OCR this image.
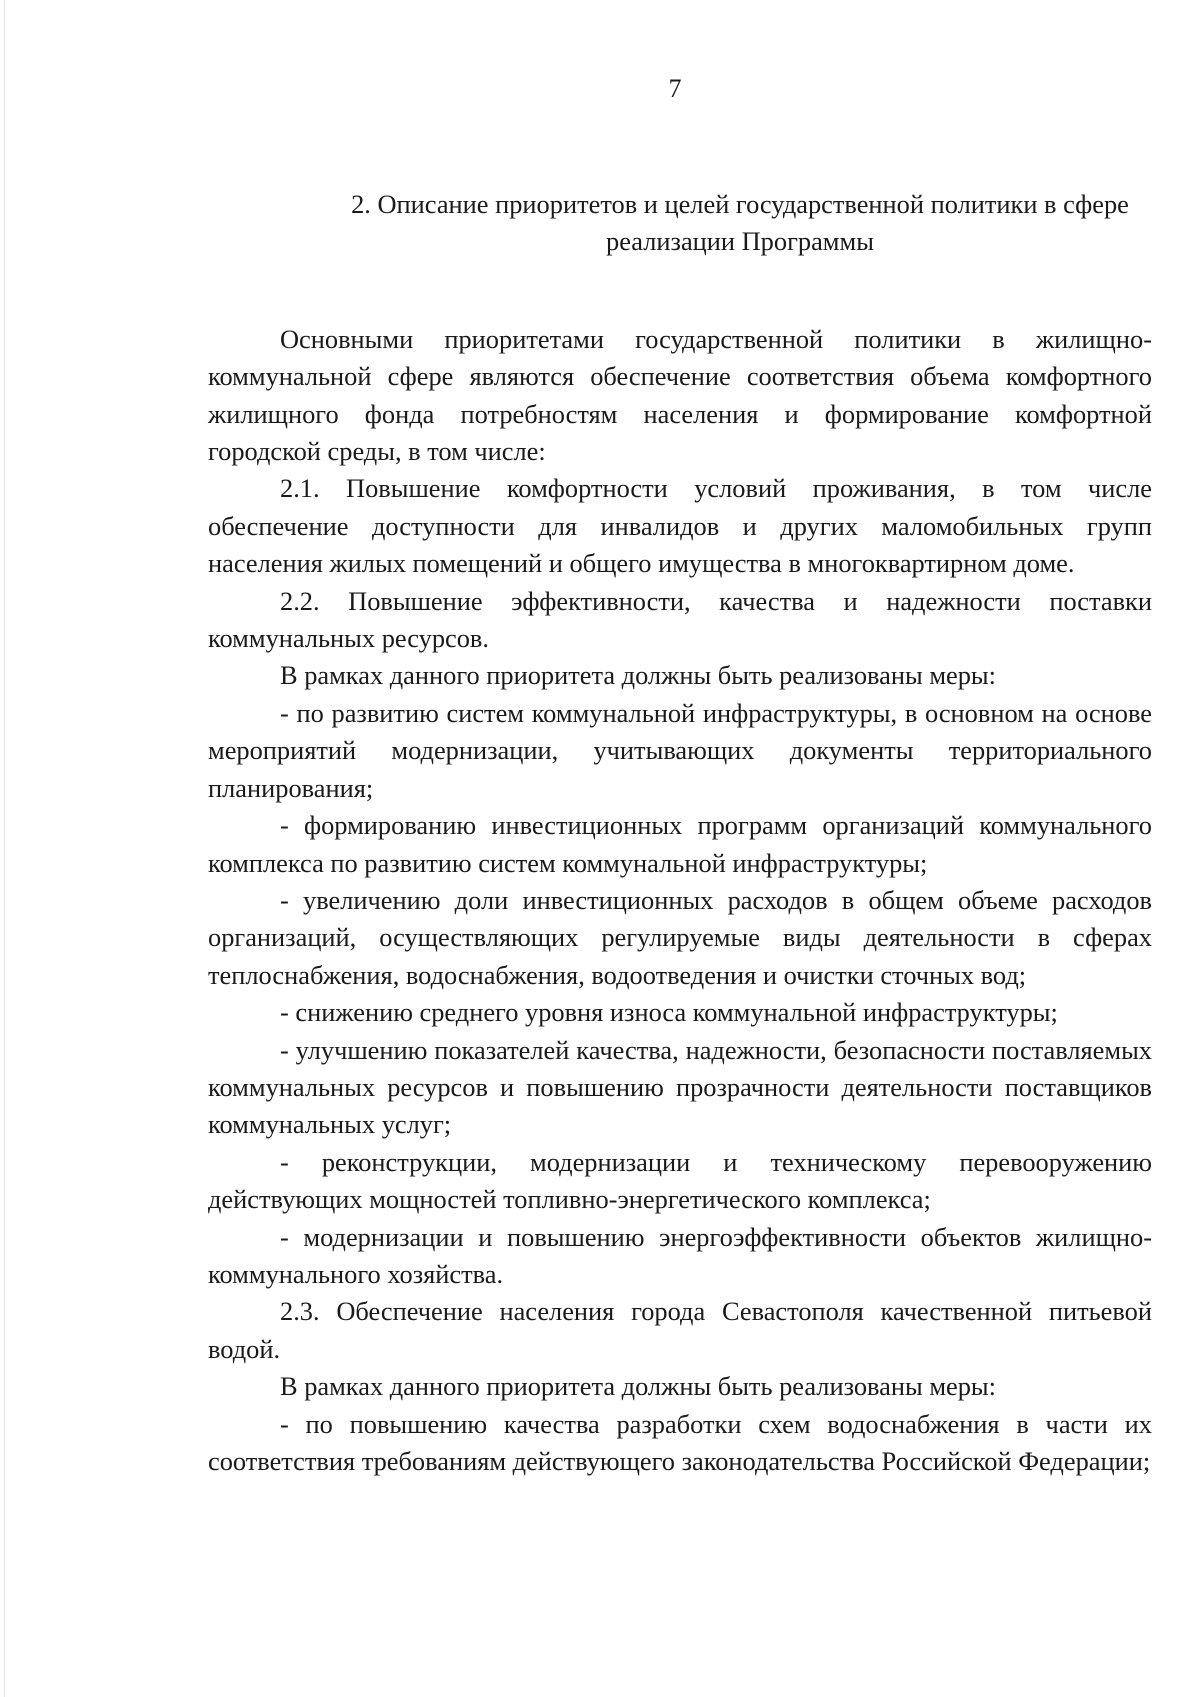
7
2. Описание приоритетов и целей государственной политики в сфере
реализации Программы

Основными приоритетами государственной политики в жилищно-коммунальной сфере являются обеспечение соответствия объема комфортного жилищного фонда потребностям населения и формирование комфортной городской среды, в том числе:

2.1. Повышение комфортности условий проживания, в том числе обеспечение доступности для инвалидов и других маломобильных групп населения жилых помещений и общего имущества в многоквартирном доме.

2.2. Повышение эффективности, качества и надежности поставки коммунальных ресурсов.

В рамках данного приоритета должны быть реализованы меры:

- по развитию систем коммунальной инфраструктуры, в основном на основе мероприятий модернизации, учитывающих документы территориального планирования;

- формированию инвестиционных программ организаций коммунального комплекса по развитию систем коммунальной инфраструктуры;

- увеличению доли инвестиционных расходов в общем объеме расходов организаций, осуществляющих регулируемые виды деятельности в сферах теплоснабжения, водоснабжения, водоотведения и очистки сточных вод;

- снижению среднего уровня износа коммунальной инфраструктуры;

- улучшению показателей качества, надежности, безопасности поставляемых коммунальных ресурсов и повышению прозрачности деятельности поставщиков коммунальных услуг;

- реконструкции, модернизации и техническому перевооружению действующих мощностей топливно-энергетического комплекса;

- модернизации и повышению энергоэффективности объектов жилищно-коммунального хозяйства.

2.3. Обеспечение населения города Севастополя качественной питьевой водой.

В рамках данного приоритета должны быть реализованы меры:

- по повышению качества разработки схем водоснабжения в части их соответствия требованиям действующего законодательства Российской Федерации;
